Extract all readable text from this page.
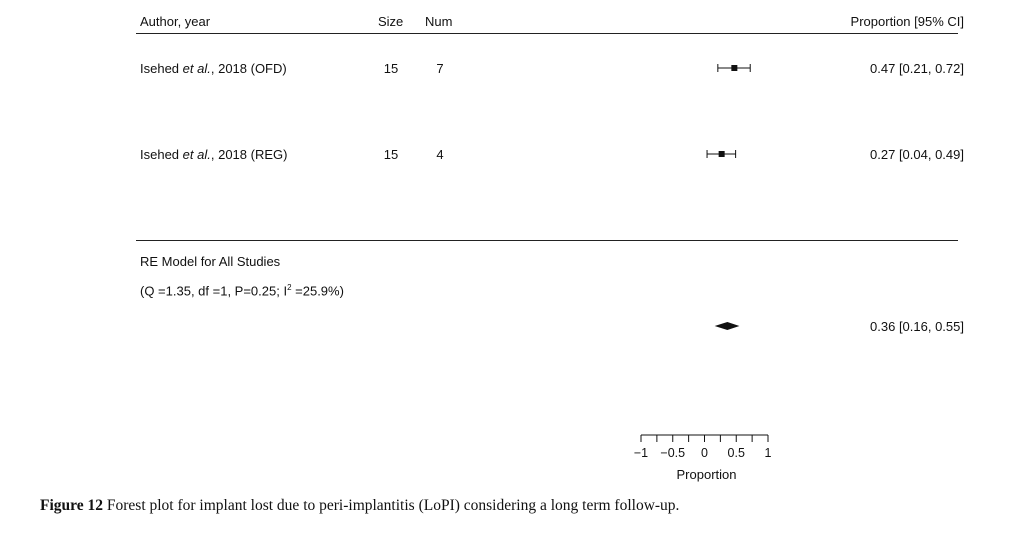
Author, year	Size Num	Proportion [95% CI]
Isehed et al., 2018 (OFD)	15	7	0.47 [0.21, 0.72]
Isehed et al., 2018 (REG)	15	4	0.27 [0.04, 0.49]
RE Model for All Studies
(Q =1.35, df =1, P=0.25; $I^2 =25.9\%$)
0.36 [0.16, 0.55]
−1 −0.5 0 0.5 1
Proportion
Figure 12 Forest plot for implant lost due to peri-implantitis (LoPI) considering a long term follow-up.
